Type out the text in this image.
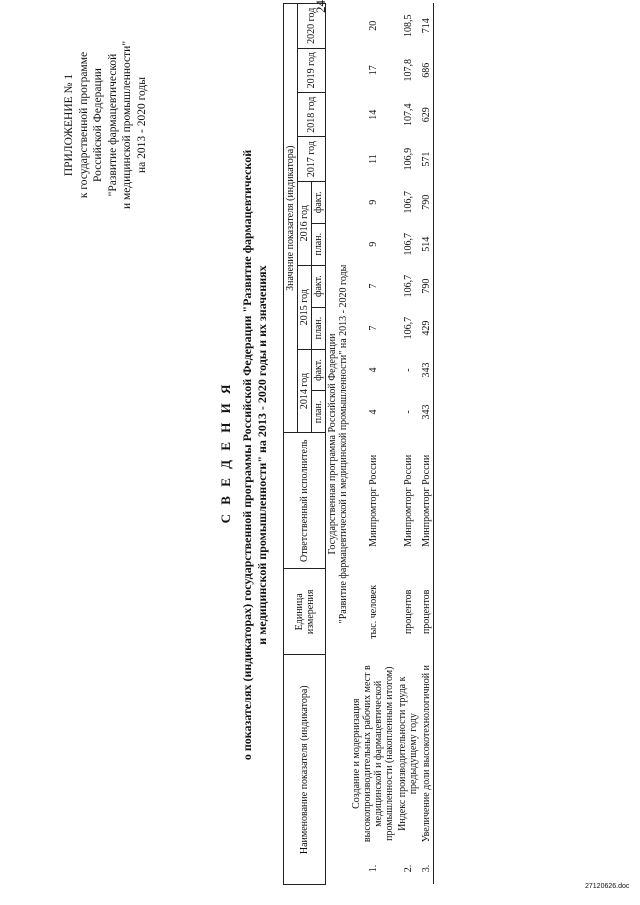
24
ПРИЛОЖЕНИЕ № 1 к государственной программе Российской Федерации "Развитие фармацевтической и медицинской промышленности" на 2013 - 2020 годы
С В Е Д Е Н И Я о показателях (индикаторах) государственной программы Российской Федерации "Развитие фармацевтической и медицинской промышленности" на 2013 - 2020 годы и их значениях
Наименование показателя (индикатора)		Единица измерения	Ответственный исполнитель	Значение показателя (индикатора)									
				2014 год		2015 год		2016 год		2017 год	2018 год	2019 год	2020 год
				план.	факт.	план.	факт.	план.	факт.				

Государственная программа Российской Федерации "Развитие фармацевтической и медицинской промышленности" на 2013 - 2020 годы													

1.	Создание и модернизация высокопроизводительных рабочих мест в медицинской и фармацевтической промышленности (накопленным итогом)	тыс. человек	Минпромторг России	4	4	7	7	9	9	11	14	17	20
2.	Индекс производительности труда к предыдущему году	процентов	Минпромторг России	-	-	106,7	106,7	106,7	106,7	106,9	107,4	107,8	108,5
3.	Увеличение доли высокотехнологичной и	процентов	Минпромторг России	343	343	429	790	514	790	571	629	686	714
27120626.doc
